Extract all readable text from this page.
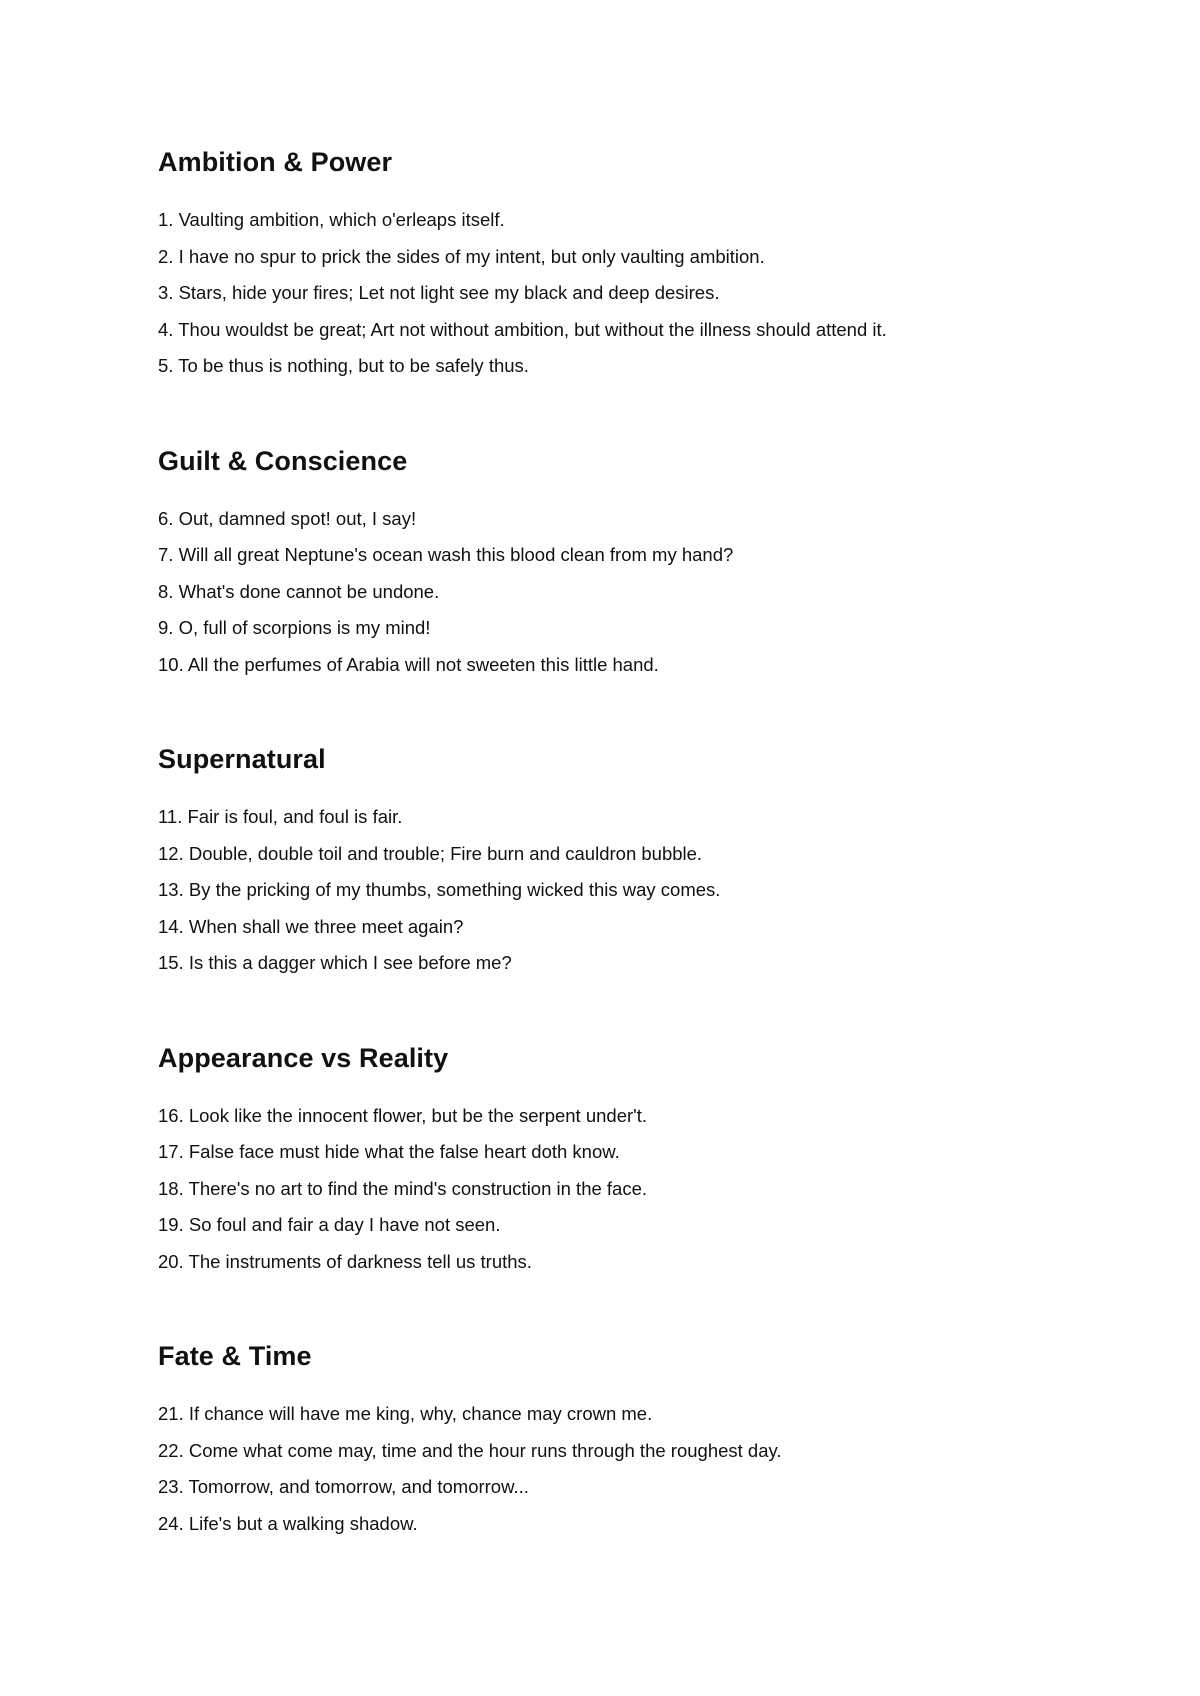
Ambition & Power
1. Vaulting ambition, which o'erleaps itself.
2. I have no spur to prick the sides of my intent, but only vaulting ambition.
3. Stars, hide your fires; Let not light see my black and deep desires.
4. Thou wouldst be great; Art not without ambition, but without the illness should attend it.
5. To be thus is nothing, but to be safely thus.
Guilt & Conscience
6. Out, damned spot! out, I say!
7. Will all great Neptune's ocean wash this blood clean from my hand?
8. What's done cannot be undone.
9. O, full of scorpions is my mind!
10. All the perfumes of Arabia will not sweeten this little hand.
Supernatural
11. Fair is foul, and foul is fair.
12. Double, double toil and trouble; Fire burn and cauldron bubble.
13. By the pricking of my thumbs, something wicked this way comes.
14. When shall we three meet again?
15. Is this a dagger which I see before me?
Appearance vs Reality
16. Look like the innocent flower, but be the serpent under't.
17. False face must hide what the false heart doth know.
18. There's no art to find the mind's construction in the face.
19. So foul and fair a day I have not seen.
20. The instruments of darkness tell us truths.
Fate & Time
21. If chance will have me king, why, chance may crown me.
22. Come what come may, time and the hour runs through the roughest day.
23. Tomorrow, and tomorrow, and tomorrow...
24. Life's but a walking shadow.
